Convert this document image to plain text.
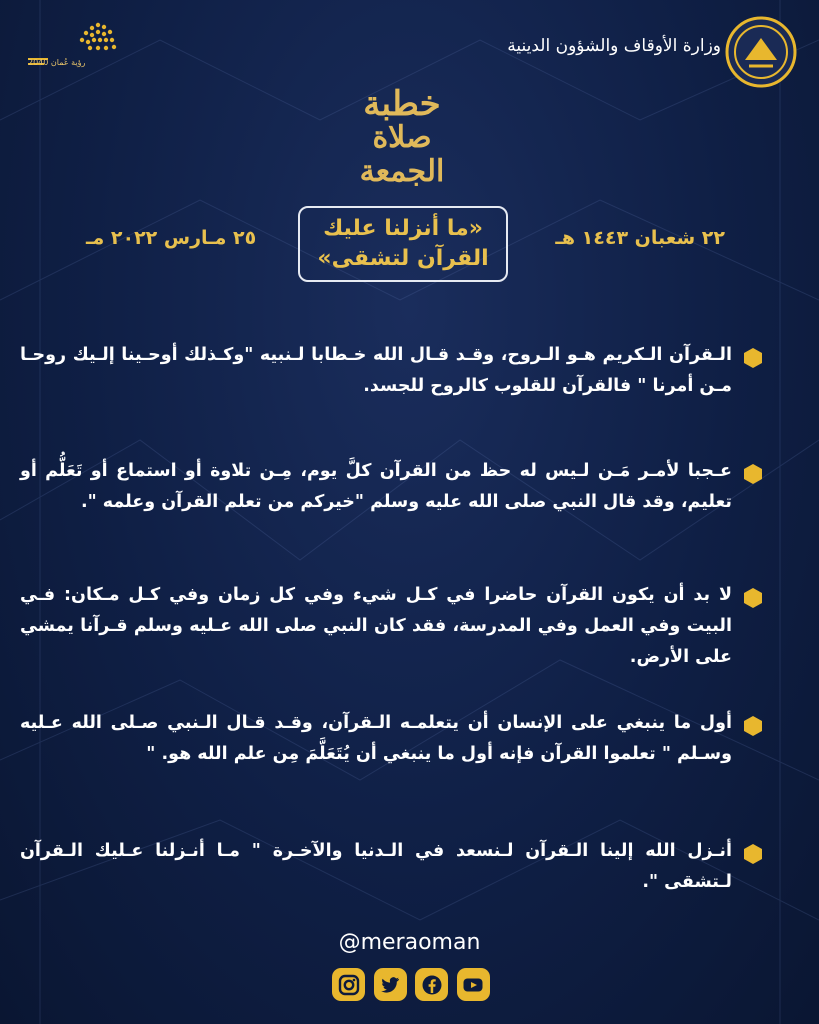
رؤية عُمان 2040
وزارة الأوقاف والشؤون الدينية
خطبة
صلاة
الجمعة
«ما أنزلنا عليك
القرآن لتشقى»
٢٢ شعبان ١٤٤٣ هـ
٢٥ مـارس ٢٠٢٢ مـ
الـقرآن الـكريم هـو الـروح، وقـد قـال الله خـطابا لـنبيه "وكـذلك أوحـينا إلـيك روحـا مـن أمرنا " فالقرآن للقلوب كالروح للجسد.
عـجبا لأمـر مَـن لـيس له حظ من القرآن كلَّ يوم، مِـن تلاوة أو استماع أو تَعَلُّم أو تعليم، وقد قال النبي صلى الله عليه وسلم "خيركم من تعلم القرآن وعلمه ".
لا بد أن يكون القرآن حاضرا في كـل شيء وفي كل زمان وفي كـل مـكان: فـي البيت وفي العمل وفي المدرسة، فقد كان النبي صلى الله عـليه وسلم قـرآنا يمشي على الأرض.
أول ما ينبغي على الإنسان أن يتعلمـه الـقرآن، وقـد قـال الـنبي صـلى الله عـليه وسـلم " تعلموا القرآن فإنه أول ما ينبغي أن يُتَعَلَّمَ مِن علم الله هو. "
أنـزل الله إلينا الـقرآن لـنسعد في الـدنيا والآخـرة " مـا أنـزلنا عـليك الـقرآن لـتشقى ".
@meraoman
